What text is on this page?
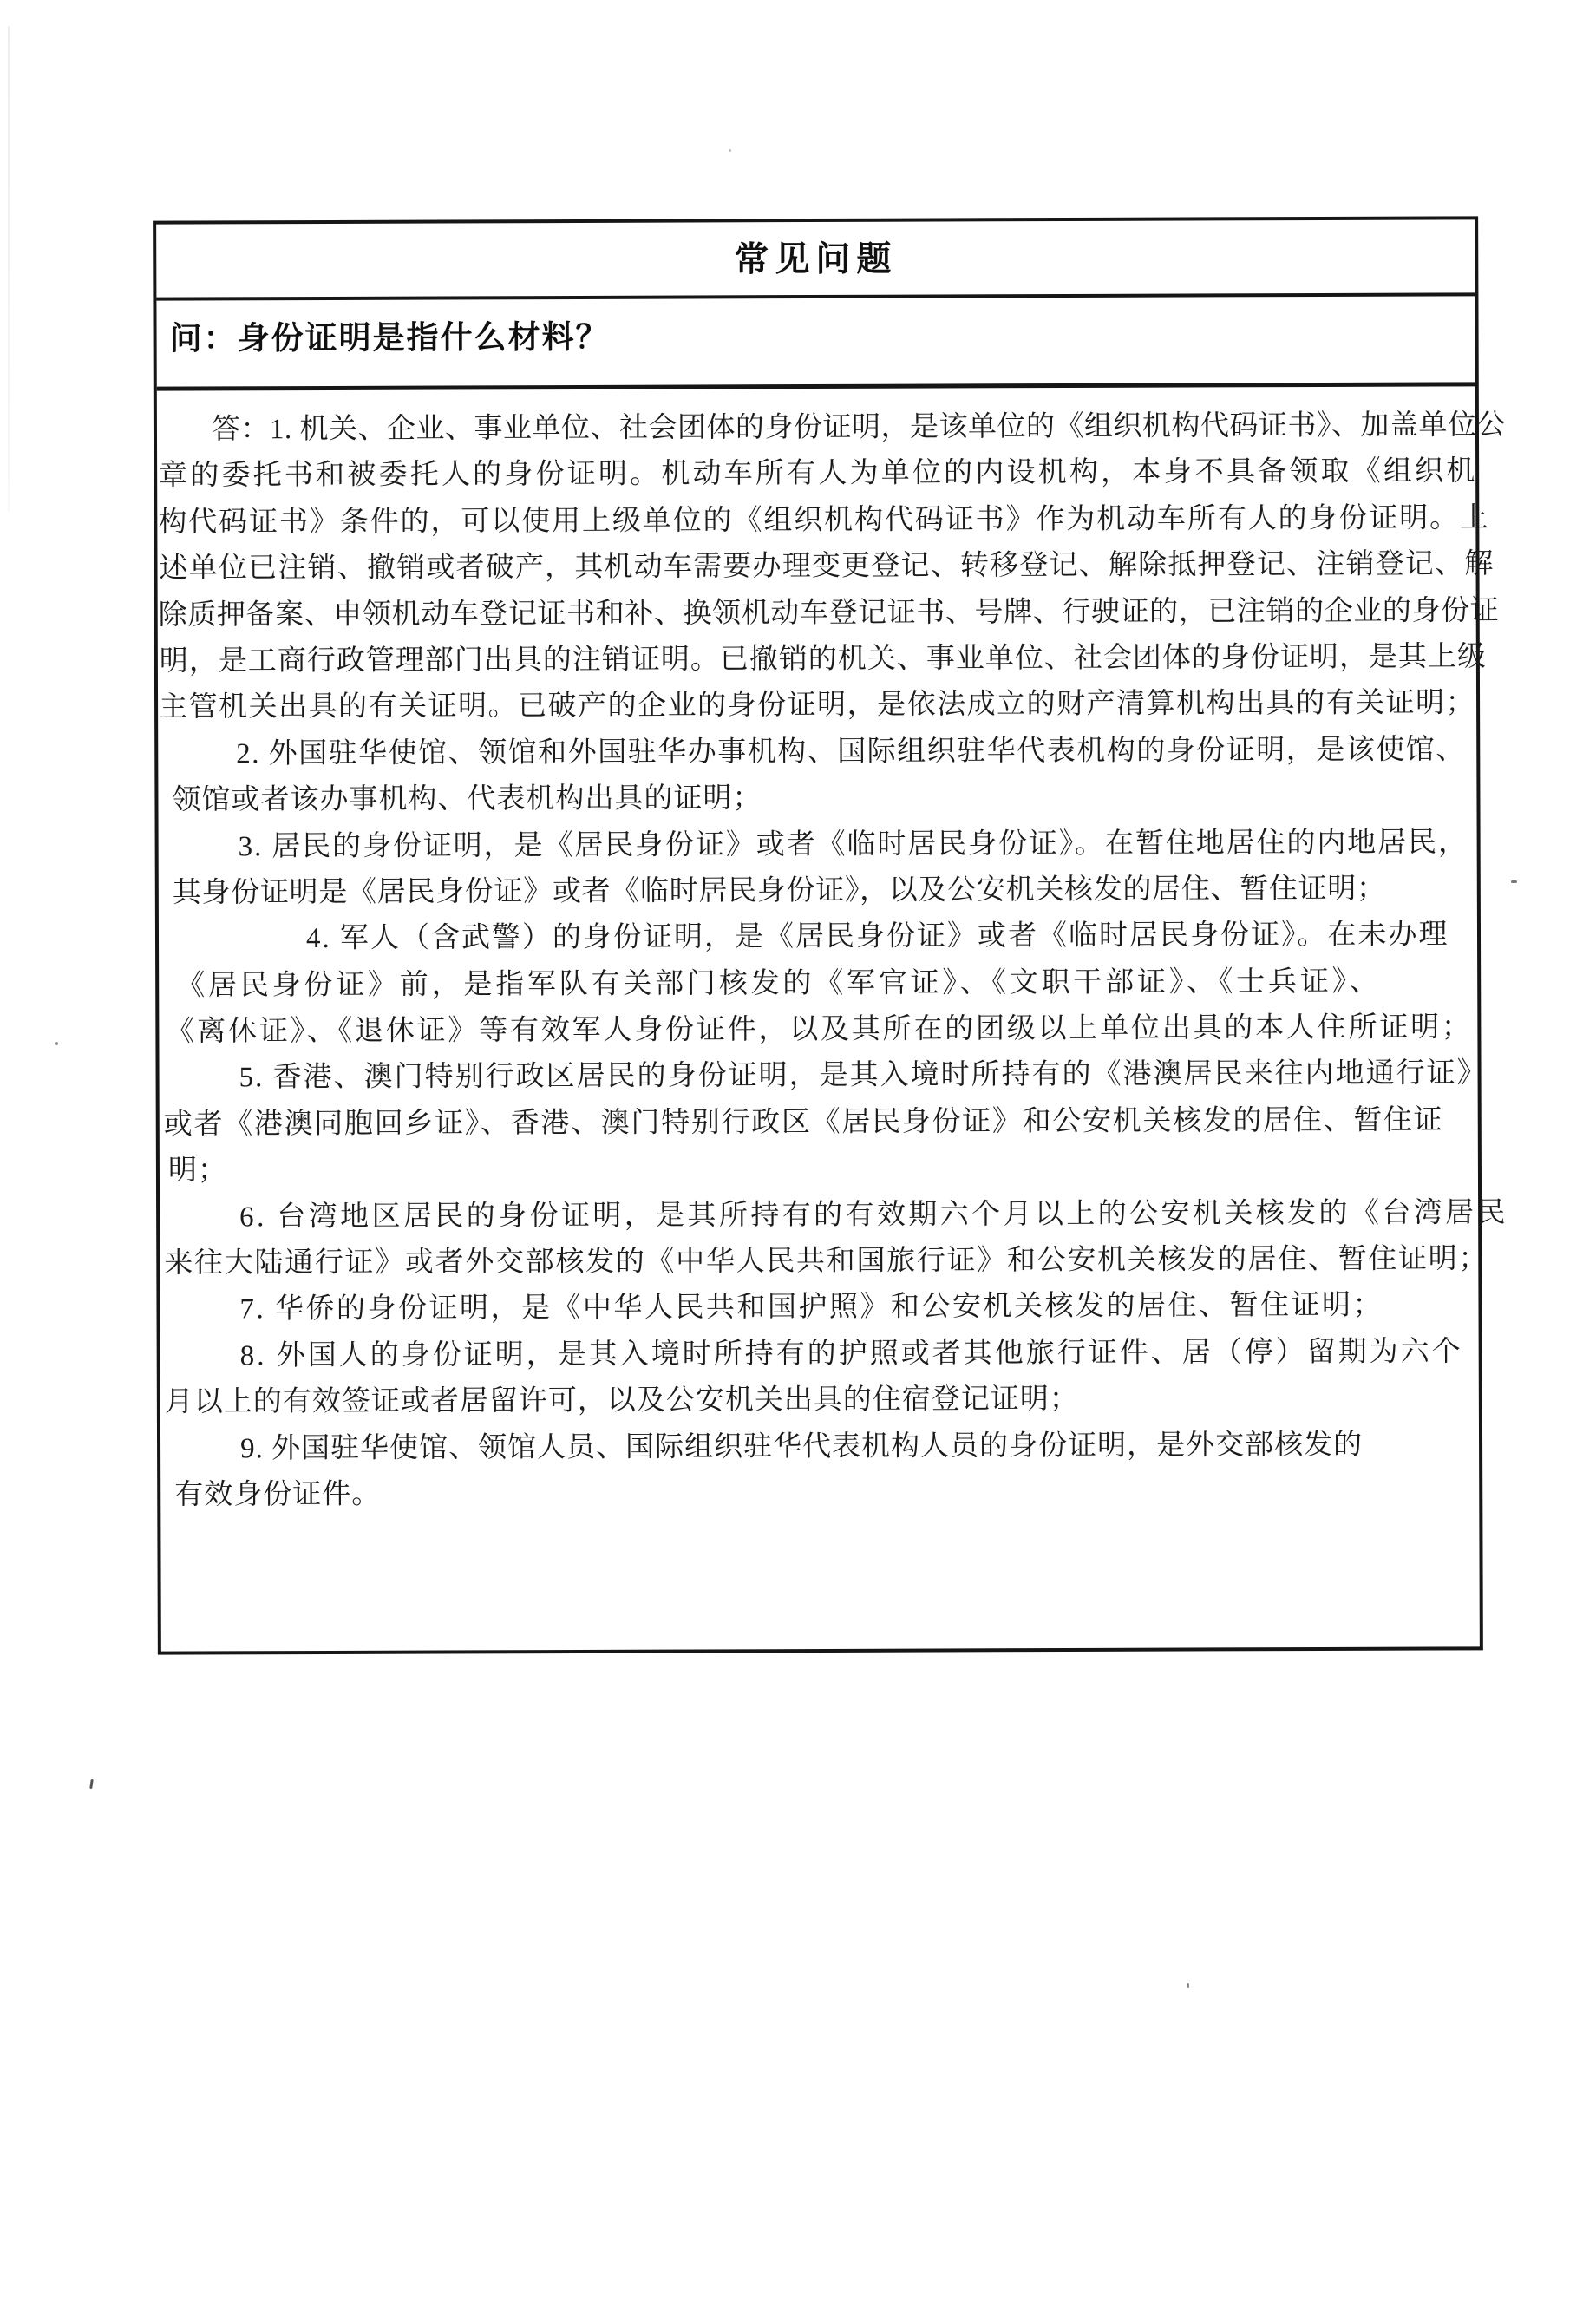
常见问题
问：身份证明是指什么材料？
答：1. 机关、企业、事业单位、社会团体的身份证明，是该单位的《组织机构代码证书》、加盖单位公
章的委托书和被委托人的身份证明。机动车所有人为单位的内设机构，本身不具备领取《组织机
构代码证书》条件的，可以使用上级单位的《组织机构代码证书》作为机动车所有人的身份证明。上
述单位已注销、撤销或者破产，其机动车需要办理变更登记、转移登记、解除抵押登记、注销登记、解
除质押备案、申领机动车登记证书和补、换领机动车登记证书、号牌、行驶证的，已注销的企业的身份证
明，是工商行政管理部门出具的注销证明。已撤销的机关、事业单位、社会团体的身份证明，是其上级
主管机关出具的有关证明。已破产的企业的身份证明，是依法成立的财产清算机构出具的有关证明；
2. 外国驻华使馆、领馆和外国驻华办事机构、国际组织驻华代表机构的身份证明，是该使馆、
领馆或者该办事机构、代表机构出具的证明；
3. 居民的身份证明，是《居民身份证》或者《临时居民身份证》。在暂住地居住的内地居民，
其身份证明是《居民身份证》或者《临时居民身份证》，以及公安机关核发的居住、暂住证明；
4. 军人（含武警）的身份证明，是《居民身份证》或者《临时居民身份证》。在未办理
《居民身份证》前，是指军队有关部门核发的《军官证》、《文职干部证》、《士兵证》、
《离休证》、《退休证》等有效军人身份证件，以及其所在的团级以上单位出具的本人住所证明；
5. 香港、澳门特别行政区居民的身份证明，是其入境时所持有的《港澳居民来往内地通行证》
或者《港澳同胞回乡证》、香港、澳门特别行政区《居民身份证》和公安机关核发的居住、暂住证
明；
6. 台湾地区居民的身份证明，是其所持有的有效期六个月以上的公安机关核发的《台湾居民
来往大陆通行证》或者外交部核发的《中华人民共和国旅行证》和公安机关核发的居住、暂住证明；
7. 华侨的身份证明，是《中华人民共和国护照》和公安机关核发的居住、暂住证明；
8. 外国人的身份证明，是其入境时所持有的护照或者其他旅行证件、居（停）留期为六个
月以上的有效签证或者居留许可，以及公安机关出具的住宿登记证明；
9. 外国驻华使馆、领馆人员、国际组织驻华代表机构人员的身份证明，是外交部核发的
有效身份证件。
